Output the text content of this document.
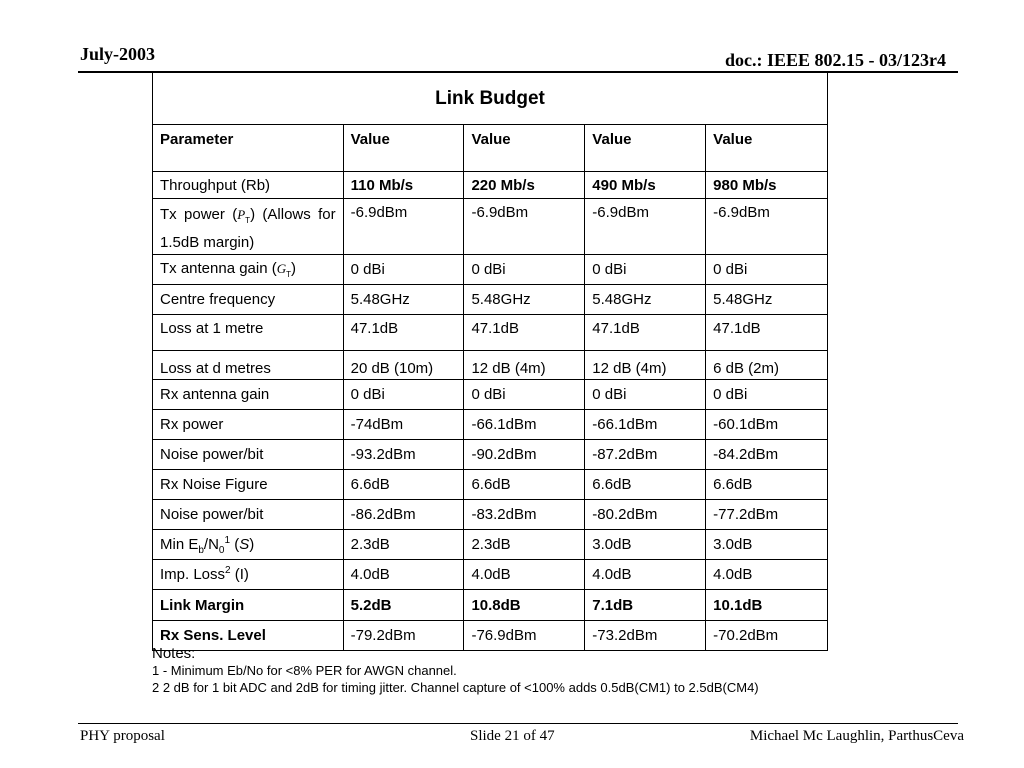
July-2003	doc.: IEEE 802.15 - 03/123r4
Link Budget				
Parameter	Value	Value	Value	Value
Throughput (Rb)	110 Mb/s	220 Mb/s	490 Mb/s	980 Mb/s

Tx power $(P_T)$ (Allows for 1.5dB margin)	-6.9dBm	-6.9dBm	-6.9dBm	-6.9dBm
Tx antenna gain $(G_T)$	0 dBi	0 dBi	0 dBi	0 dBi
Centre frequency	5.48GHz	5.48GHz	5.48GHz	5.48GHz
Loss at 1 metre	47.1dB	47.1dB	47.1dB	47.1dB
Loss at d metres	20 dB (10m)	12 dB (4m)	12 dB (4m)	6 dB (2m)
Rx antenna gain	0 dBi	0 dBi	0 dBi	0 dBi
Rx power	-74dBm	-66.1dBm	-66.1dBm	-60.1dBm
Noise power/bit	-93.2dBm	-90.2dBm	-87.2dBm	-84.2dBm
Rx Noise Figure	6.6dB	6.6dB	6.6dB	6.6dB
Noise power/bit	-86.2dBm	-83.2dBm	-80.2dBm	-77.2dBm
Min $E_b/N_0^1$ (S)	2.3dB	2.3dB	3.0dB	3.0dB
Imp. Loss$^2$ (I)	4.0dB	4.0dB	4.0dB	4.0dB
Link Margin	5.2dB	10.8dB	7.1dB	10.1dB
Rx Sens. Level	-79.2dBm	-76.9dBm	-73.2dBm	-70.2dBm
Notes:
1 - Minimum Eb/No for <8% PER for AWGN channel.
2 2 dB for 1 bit ADC and 2dB for timing jitter. Channel capture of <100% adds 0.5dB(CM1) to 2.5dB(CM4)
PHY proposal	Slide 21 of 47	Michael Mc Laughlin, ParthusCeva
